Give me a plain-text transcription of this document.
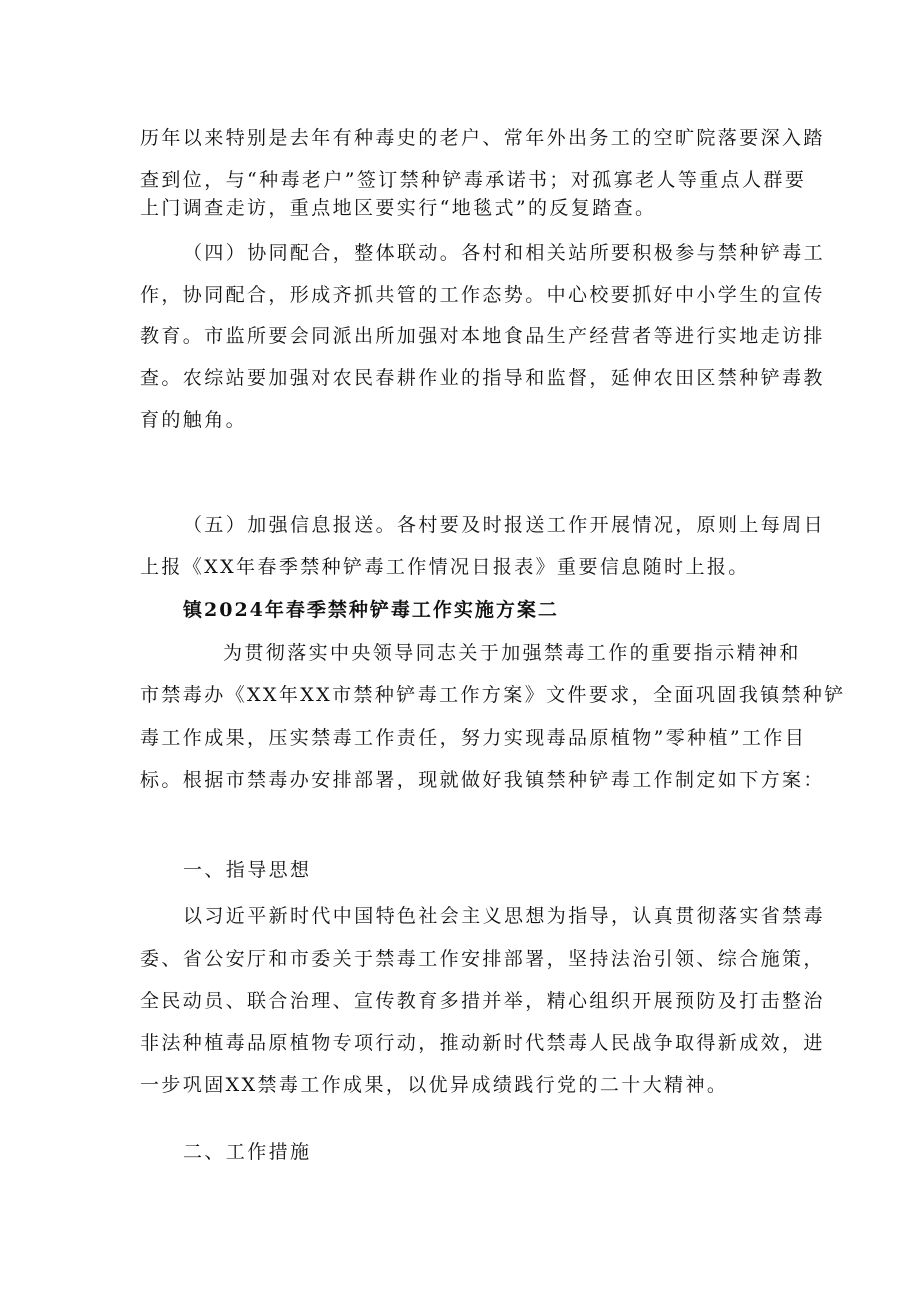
历年以来特别是去年有种毒史的老户、常年外出务工的空旷院落要深入踏
查到位，与“种毒老户”签订禁种铲毒承诺书；对孤寡老人等重点人群要
上门调查走访，重点地区要实行“地毯式”的反复踏查。
（四）协同配合，整体联动。各村和相关站所要积极参与禁种铲毒工
作，协同配合，形成齐抓共管的工作态势。中心校要抓好中小学生的宣传
教育。市监所要会同派出所加强对本地食品生产经营者等进行实地走访排
查。农综站要加强对农民春耕作业的指导和监督，延伸农田区禁种铲毒教
育的触角。
（五）加强信息报送。各村要及时报送工作开展情况，原则上每周日
上报《XX年春季禁种铲毒工作情况日报表》重要信息随时上报。
镇2024年春季禁种铲毒工作实施方案二
为贯彻落实中央领导同志关于加强禁毒工作的重要指示精神和
市禁毒办《XX年XX市禁种铲毒工作方案》文件要求，全面巩固我镇禁种铲
毒工作成果，压实禁毒工作责任，努力实现毒品原植物”零种植”工作目
标。根据市禁毒办安排部署，现就做好我镇禁种铲毒工作制定如下方案：
一、指导思想
以习近平新时代中国特色社会主义思想为指导，认真贯彻落实省禁毒
委、省公安厅和市委关于禁毒工作安排部署，坚持法治引领、综合施策，
全民动员、联合治理、宣传教育多措并举，精心组织开展预防及打击整治
非法种植毒品原植物专项行动，推动新时代禁毒人民战争取得新成效，进
一步巩固XX禁毒工作成果，以优异成绩践行党的二十大精神。
二、工作措施
